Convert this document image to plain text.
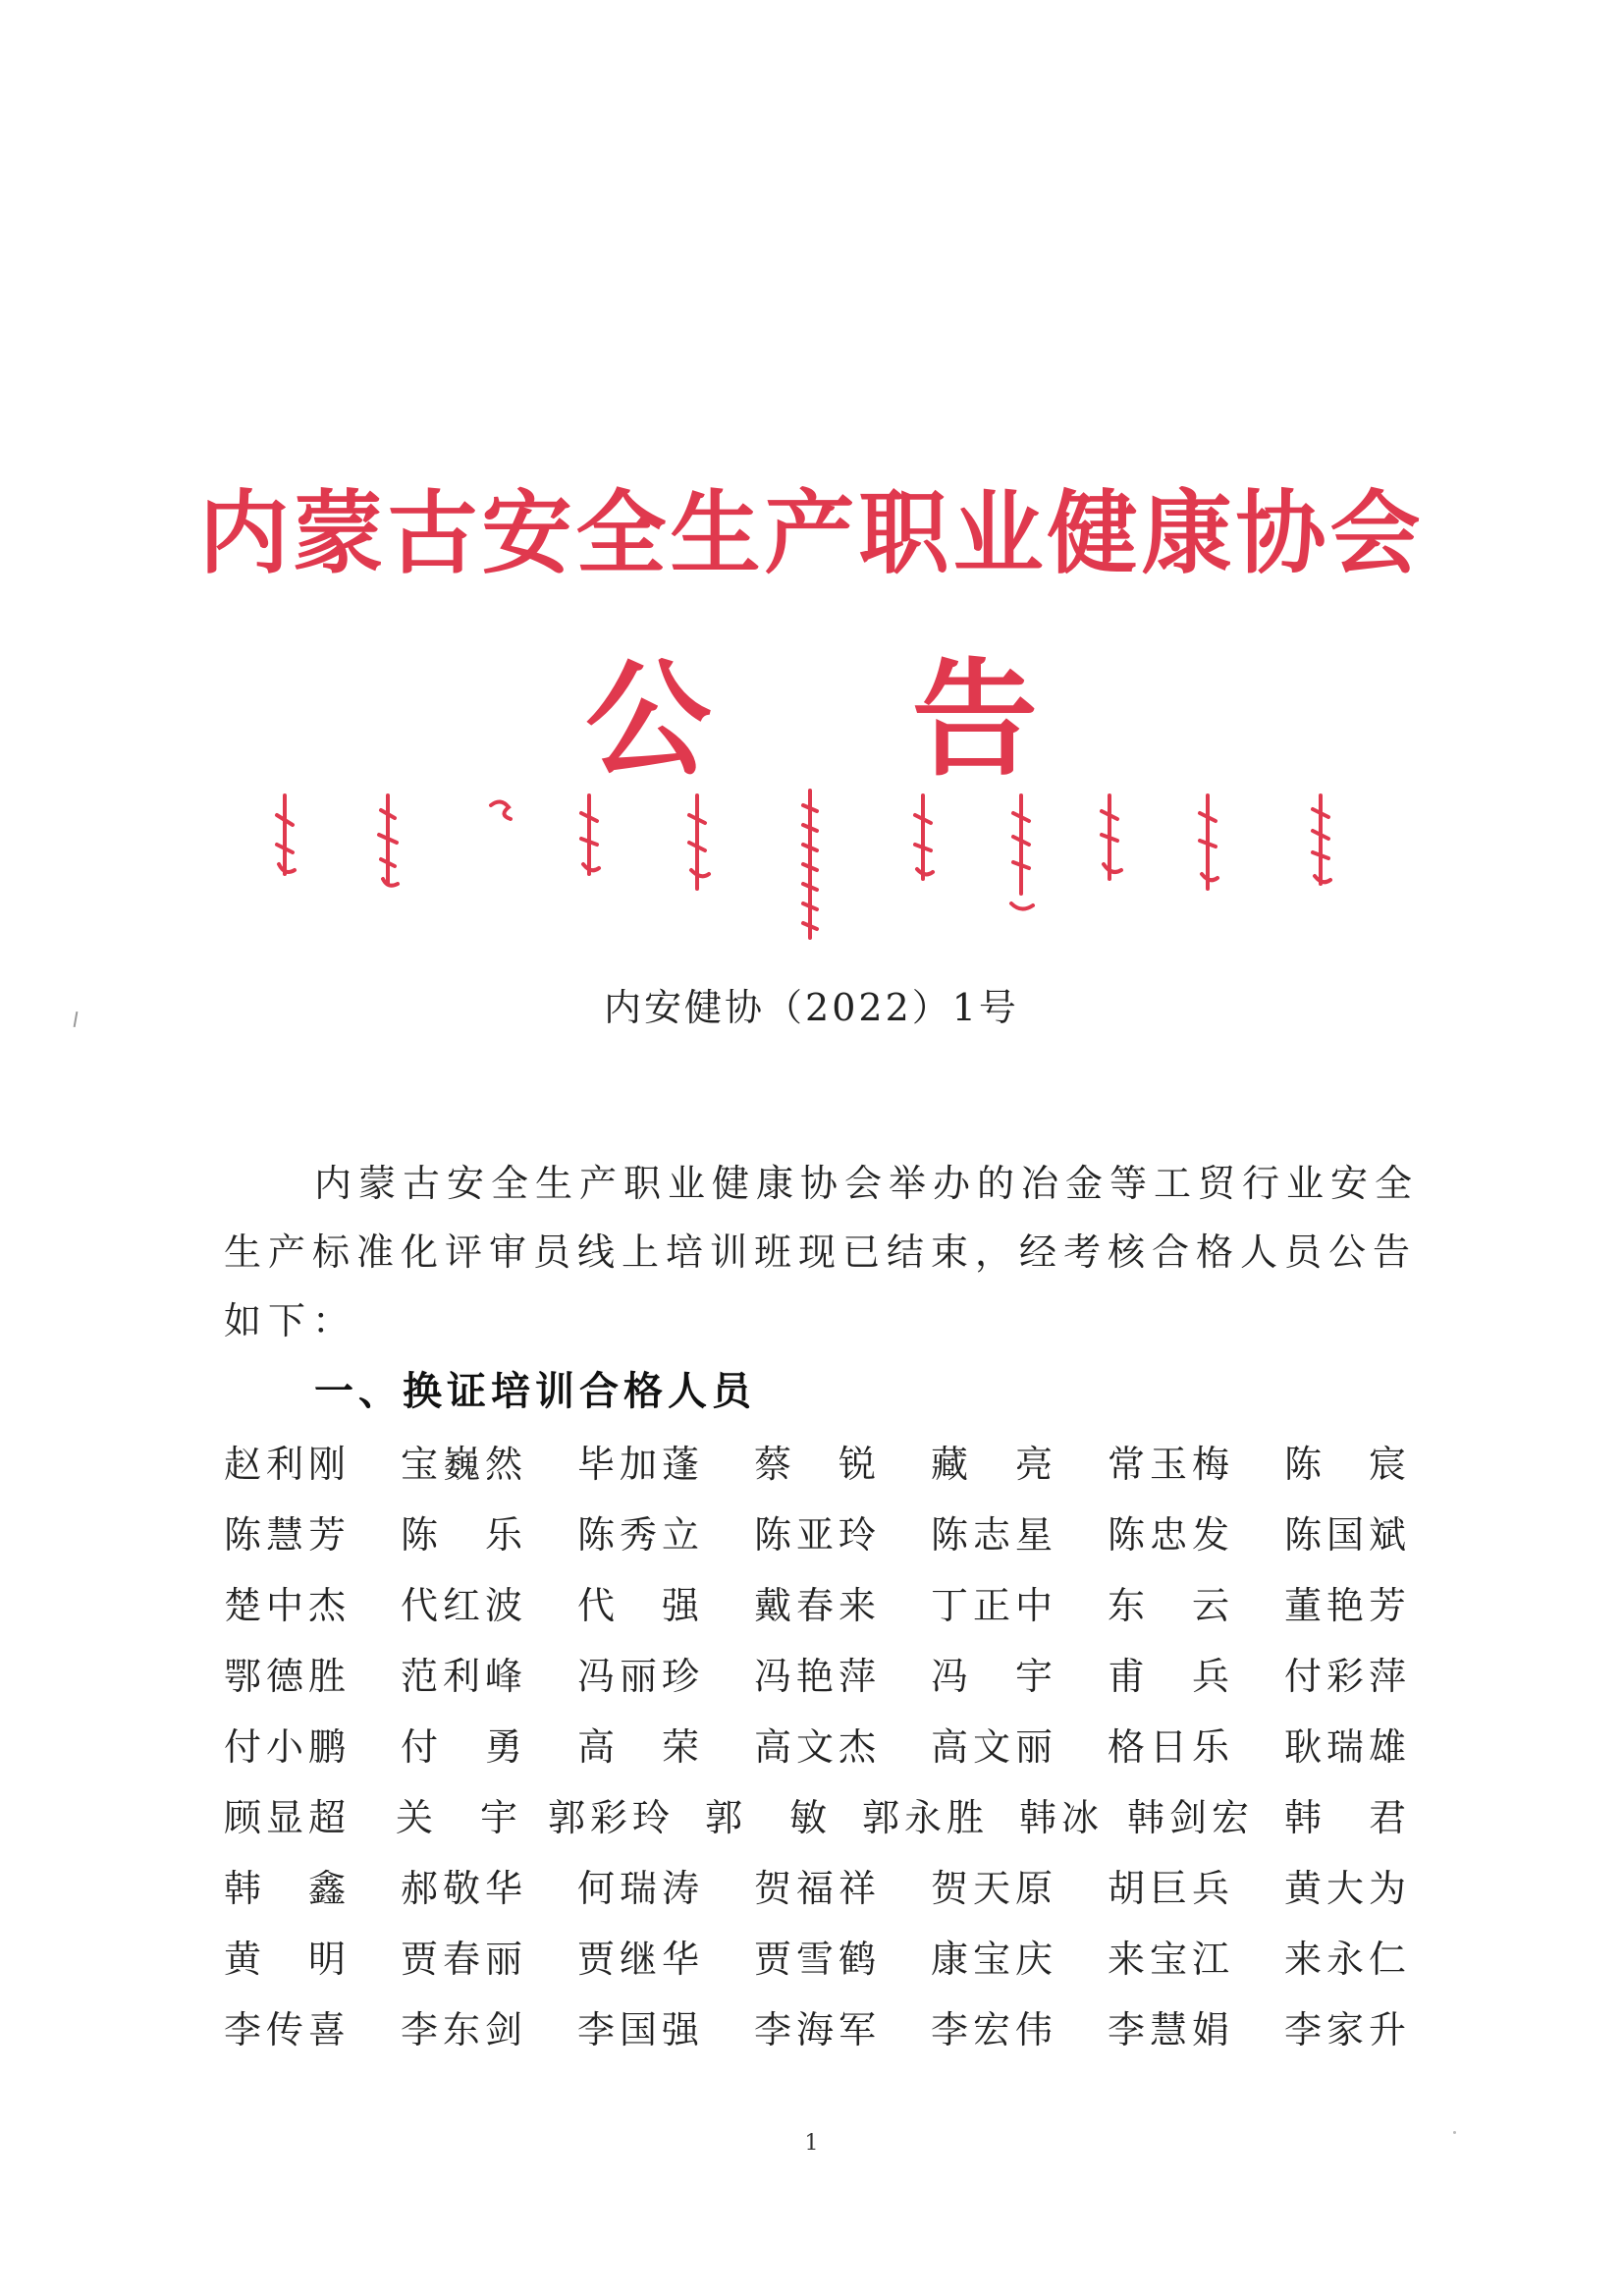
内蒙古安全生产职业健康协会
公 告
内安健协（2022）1号
内蒙古安全生产职业健康协会举办的冶金等工贸行业安全生产标准化评审员线上培训班现已结束，经考核合格人员公告如下：
一、换证培训合格人员
赵利刚 宝巍然 毕加蓬 蔡　锐 藏　亮 常玉梅 陈　宸
陈慧芳 陈　乐 陈秀立 陈亚玲 陈志星 陈忠发 陈国斌
楚中杰 代红波 代　强 戴春来 丁正中 东　云 董艳芳
鄂德胜 范利峰 冯丽珍 冯艳萍 冯　宇 甫　兵 付彩萍
付小鹏 付　勇 高　荣 高文杰 高文丽 格日乐 耿瑞雄
顾显超 关　宇 郭彩玲 郭　敏 郭永胜 韩冰 韩剑宏 韩　君
韩　鑫 郝敬华 何瑞涛 贺福祥 贺天原 胡巨兵 黄大为
黄　明 贾春丽 贾继华 贾雪鹤 康宝庆 来宝江 来永仁
李传喜 李东剑 李国强 李海军 李宏伟 李慧娟 李家升
1
